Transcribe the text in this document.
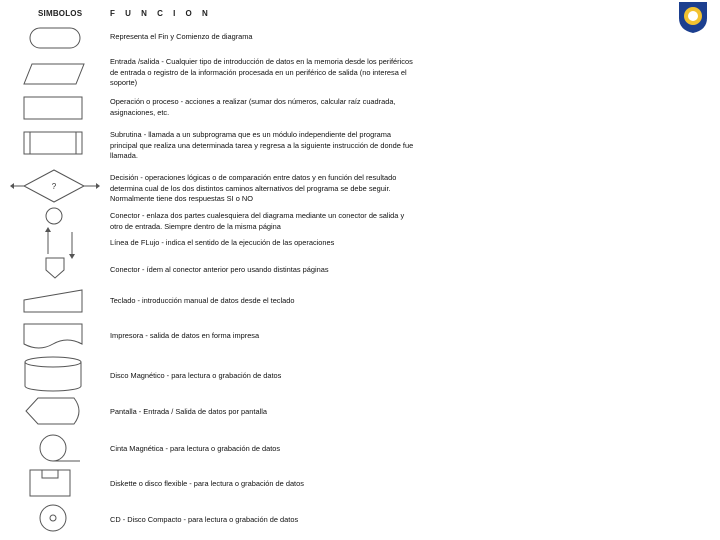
SIMBOLOS	F U N C I O N
?
Representa el Fin y Comienzo de diagrama
Entrada /salida - Cualquier tipo de introducción de datos en la memoria desde los periféricos de entrada o registro de la información procesada en un periférico de salida (no interesa el soporte)
Operación o proceso - acciones a realizar (sumar dos números, calcular raíz cuadrada, asignaciones, etc.
Subrutina - llamada a un subprograma que es un módulo independiente del programa principal que realiza una determinada tarea y regresa a la siguiente instrucción de donde fue llamada.
Decisión - operaciones lógicas o de comparación entre datos y en función del resultado determina cual de los dos distintos caminos alternativos del programa se debe seguir. Normalmente tiene dos respuestas SI o NO
Conector - enlaza dos partes cualesquiera del diagrama mediante un conector de salida y otro de entrada. Siempre dentro de la misma página
Línea de FLujo - indica el sentido de la ejecución de las operaciones
Conector - ídem al conector anterior pero usando distintas páginas
Teclado - introducción manual de datos desde el teclado
Impresora - salida de datos en forma impresa
Disco Magnético - para lectura o grabación de datos
Pantalla - Entrada / Salida de datos por pantalla
Cinta Magnética - para lectura o grabación de datos
Diskette o disco flexible - para lectura o grabación de datos
CD - Disco Compacto - para lectura o grabación de datos
